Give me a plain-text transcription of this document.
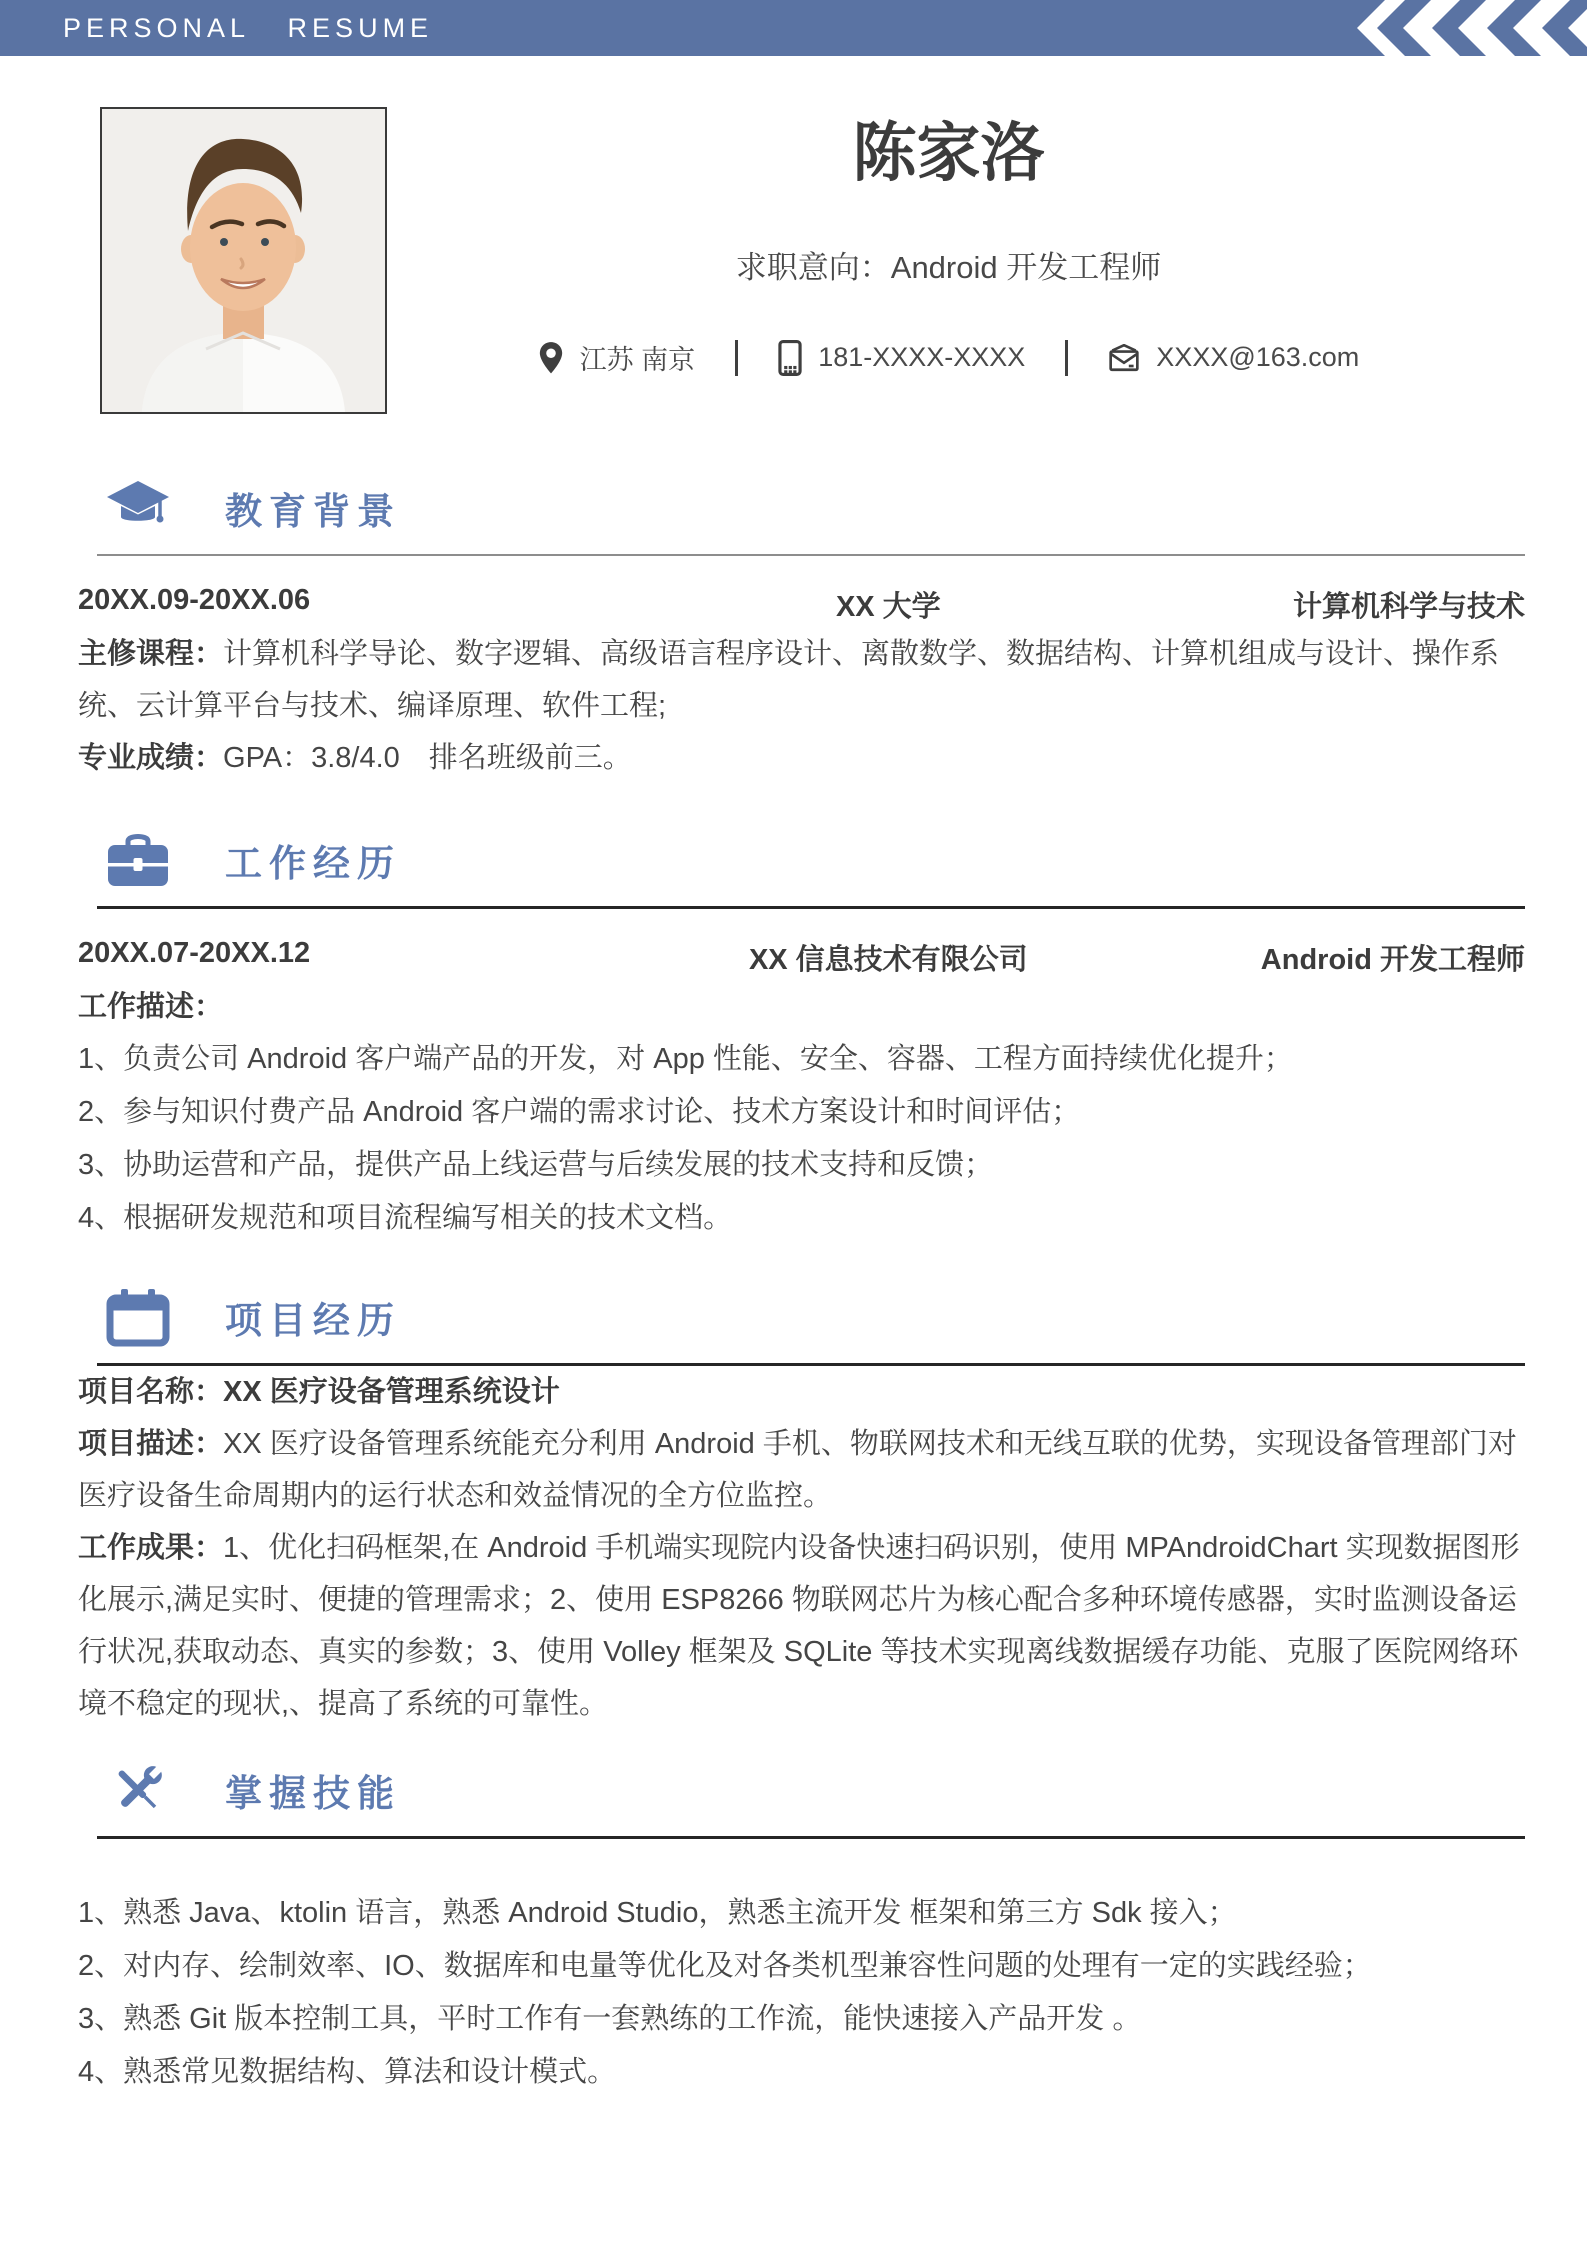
PERSONAL RESUME
陈家洛
求职意向：Android 开发工程师
江苏 南京	181-XXXX-XXXX	XXXX@163.com
教育背景
20XX.09-20XX.06	XX 大学	计算机科学与技术

主修课程：计算机科学导论、数字逻辑、高级语言程序设计、离散数学、数据结构、计算机组成与设计、操作系统、云计算平台与技术、编译原理、软件工程;

专业成绩：GPA：3.8/4.0　排名班级前三。

工作经历
20XX.07-20XX.12	XX 信息技术有限公司	Android 开发工程师

工作描述：

1、负责公司 Android 客户端产品的开发，对 App 性能、安全、容器、工程方面持续优化提升；

2、参与知识付费产品 Android 客户端的需求讨论、技术方案设计和时间评估；

3、协助运营和产品，提供产品上线运营与后续发展的技术支持和反馈；

4、根据研发规范和项目流程编写相关的技术文档。

项目经历

项目名称：XX 医疗设备管理系统设计

项目描述：XX 医疗设备管理系统能充分利用 Android 手机、物联网技术和无线互联的优势，实现设备管理部门对医疗设备生命周期内的运行状态和效益情况的全方位监控。

工作成果：1、优化扫码框架,在 Android 手机端实现院内设备快速扫码识别，使用 MPAndroidChart 实现数据图形化展示,满足实时、便捷的管理需求；2、使用 ESP8266 物联网芯片为核心配合多种环境传感器，实时监测设备运行状况,获取动态、真实的参数；3、使用 Volley 框架及 SQLite 等技术实现离线数据缓存功能、克服了医院网络环境不稳定的现状,、提高了系统的可靠性。

掌握技能

1、熟悉 Java、ktolin 语言，熟悉 Android Studio，熟悉主流开发 框架和第三方 Sdk 接入；

2、对内存、绘制效率、IO、数据库和电量等优化及对各类机型兼容性问题的处理有一定的实践经验；

3、熟悉 Git 版本控制工具，平时工作有一套熟练的工作流，能快速接入产品开发 。

4、熟悉常见数据结构、算法和设计模式。
